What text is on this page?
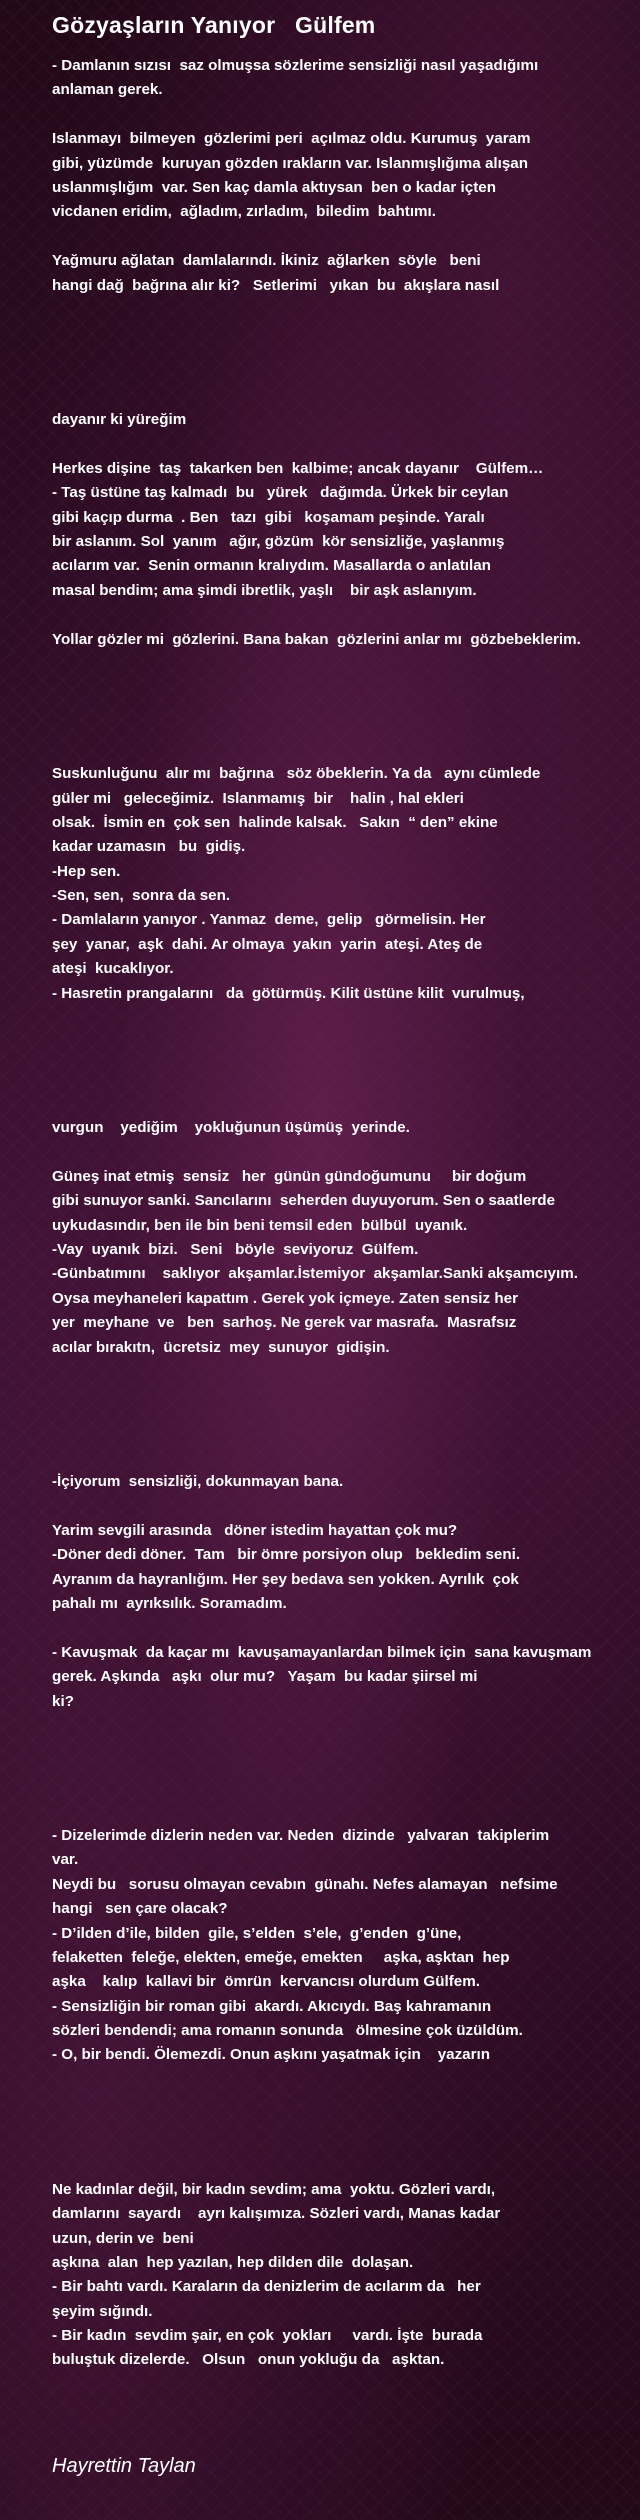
Gözyaşların Yanıyor   Gülfem
- Damlanın sızısı  saz olmuşsa sözlerime sensizliği nasıl yaşadığımı
anlaman gerek.
Islanmayı  bilmeyen  gözlerimi peri  açılmaz oldu. Kurumuş  yaram
gibi, yüzümde  kuruyan gözden ırakların var. Islanmışlığıma alışan
uslanmışlığım  var. Sen kaç damla aktıysan  ben o kadar içten
vicdanen eridim,  ağladım, zırladım,  biledim  bahtımı.
Yağmuru ağlatan  damlalarındı. İkiniz  ağlarken  söyle   beni
hangi dağ  bağrına alır ki?   Setlerimi   yıkan  bu  akışlara nasıl
dayanır ki yüreğim
Herkes dişine  taş  takarken ben  kalbime; ancak dayanır    Gülfem…
- Taş üstüne taş kalmadı  bu   yürek   dağımda. Ürkek bir ceylan
gibi kaçıp durma  . Ben   tazı  gibi   koşamam peşinde. Yaralı
bir aslanım. Sol  yanım   ağır, gözüm  kör sensizliğe, yaşlanmış
acılarım var.  Senin ormanın kralıydım. Masallarda o anlatılan
masal bendim; ama şimdi ibretlik, yaşlı    bir aşk aslanıyım.
Yollar gözler mi  gözlerini. Bana bakan  gözlerini anlar mı  gözbebeklerim.
Suskunluğunu  alır mı  bağrına   söz öbeklerin. Ya da   aynı cümlede
güler mi   geleceğimiz.  Islanmamış  bir    halin , hal ekleri
olsak.  İsmin en  çok sen  halinde kalsak.   Sakın  “ den” ekine
kadar uzamasın   bu  gidiş.
-Hep sen.
-Sen, sen,  sonra da sen.
- Damlaların yanıyor . Yanmaz  deme,  gelip   görmelisin. Her
şey  yanar,  aşk  dahi. Ar olmaya  yakın  yarin  ateşi. Ateş de
ateşi  kucaklıyor.
- Hasretin prangalarını   da  götürmüş. Kilit üstüne kilit  vurulmuş,
vurgun    yediğim    yokluğunun üşümüş  yerinde.
Güneş inat etmiş  sensiz   her  günün gündoğumunu     bir doğum
gibi sunuyor sanki. Sancılarını  seherden duyuyorum. Sen o saatlerde
uykudasındır, ben ile bin beni temsil eden  bülbül  uyanık.
-Vay  uyanık  bizi.   Seni   böyle  seviyoruz  Gülfem.
-Günbatımını    saklıyor  akşamlar.İstemiyor  akşamlar.Sanki akşamcıyım.
Oysa meyhaneleri kapattım . Gerek yok içmeye. Zaten sensiz her
yer  meyhane  ve   ben  sarhoş. Ne gerek var masrafa.  Masrafsız
acılar bırakıtn,  ücretsiz  mey  sunuyor  gidişin.
-İçiyorum  sensizliği, dokunmayan bana.
Yarim sevgili arasında   döner istedim hayattan çok mu?
-Döner dedi döner.  Tam   bir ömre porsiyon olup   bekledim seni.
Ayranım da hayranlığım. Her şey bedava sen yokken. Ayrılık  çok
pahalı mı  ayrıksılık. Soramadım.
- Kavuşmak  da kaçar mı  kavuşamayanlardan bilmek için  sana kavuşmam
gerek. Aşkında   aşkı  olur mu?   Yaşam  bu kadar şiirsel mi
ki?
- Dizelerimde dizlerin neden var. Neden  dizinde   yalvaran  takiplerim
var.
Neydi bu   sorusu olmayan cevabın  günahı. Nefes alamayan   nefsime
hangi   sen çare olacak?
- D’ilden d’ile, bilden  gile, s’elden  s’ele,  g’enden  g’üne,
felaketten  feleğe, elekten, emeğe, emekten     aşka, aşktan  hep
aşka    kalıp  kallavi bir  ömrün  kervancısı olurdum Gülfem.
- Sensizliğin bir roman gibi  akardı. Akıcıydı. Baş kahramanın
sözleri bendendi; ama romanın sonunda   ölmesine çok üzüldüm.
- O, bir bendi. Ölemezdi. Onun aşkını yaşatmak için    yazarın
Ne kadınlar değil, bir kadın sevdim; ama  yoktu. Gözleri vardı,
damlarını  sayardı    ayrı kalışımıza. Sözleri vardı, Manas kadar
uzun, derin ve  beni
aşkına  alan  hep yazılan, hep dilden dile  dolaşan.
- Bir bahtı vardı. Karaların da denizlerim de acılarım da   her
şeyim sığındı.
- Bir kadın  sevdim şair, en çok  yokları     vardı. İşte  burada
buluştuk dizelerde.   Olsun   onun yokluğu da   aşktan.
Hayrettin Taylan
